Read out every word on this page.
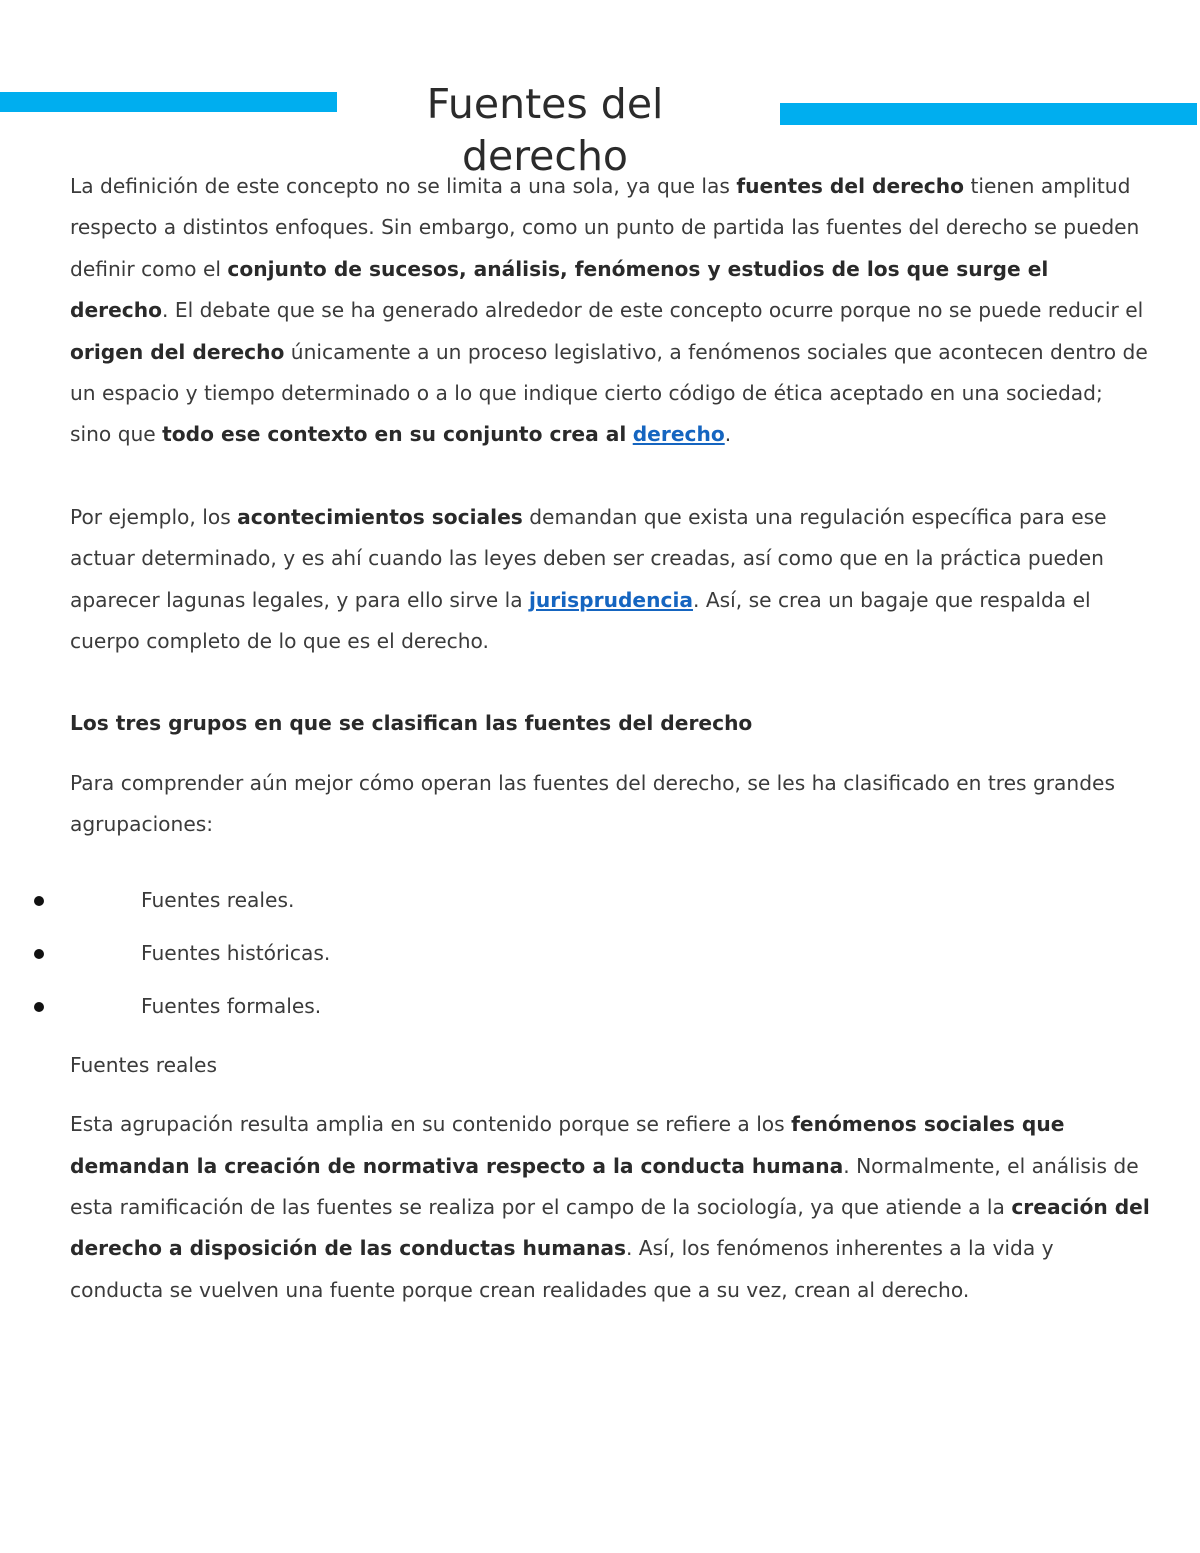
Fuentes del derecho

La definición de este concepto no se limita a una sola, ya que las fuentes del derecho tienen amplitud respecto a distintos enfoques. Sin embargo, como un punto de partida las fuentes del derecho se pueden definir como el conjunto de sucesos, análisis, fenómenos y estudios de los que surge el derecho. El debate que se ha generado alrededor de este concepto ocurre porque no se puede reducir el origen del derecho únicamente a un proceso legislativo, a fenómenos sociales que acontecen dentro de un espacio y tiempo determinado o a lo que indique cierto código de ética aceptado en una sociedad; sino que todo ese contexto en su conjunto crea al derecho.

Por ejemplo, los acontecimientos sociales demandan que exista una regulación específica para ese actuar determinado, y es ahí cuando las leyes deben ser creadas, así como que en la práctica pueden aparecer lagunas legales, y para ello sirve la jurisprudencia. Así, se crea un bagaje que respalda el cuerpo completo de lo que es el derecho.

Los tres grupos en que se clasifican las fuentes del derecho

Para comprender aún mejor cómo operan las fuentes del derecho, se les ha clasificado en tres grandes agrupaciones:

Fuentes reales.
Fuentes históricas.
Fuentes formales.

Fuentes reales

Esta agrupación resulta amplia en su contenido porque se refiere a los fenómenos sociales que demandan la creación de normativa respecto a la conducta humana. Normalmente, el análisis de esta ramificación de las fuentes se realiza por el campo de la sociología, ya que atiende a la creación del derecho a disposición de las conductas humanas. Así, los fenómenos inherentes a la vida y conducta se vuelven una fuente porque crean realidades que a su vez, crean al derecho.
